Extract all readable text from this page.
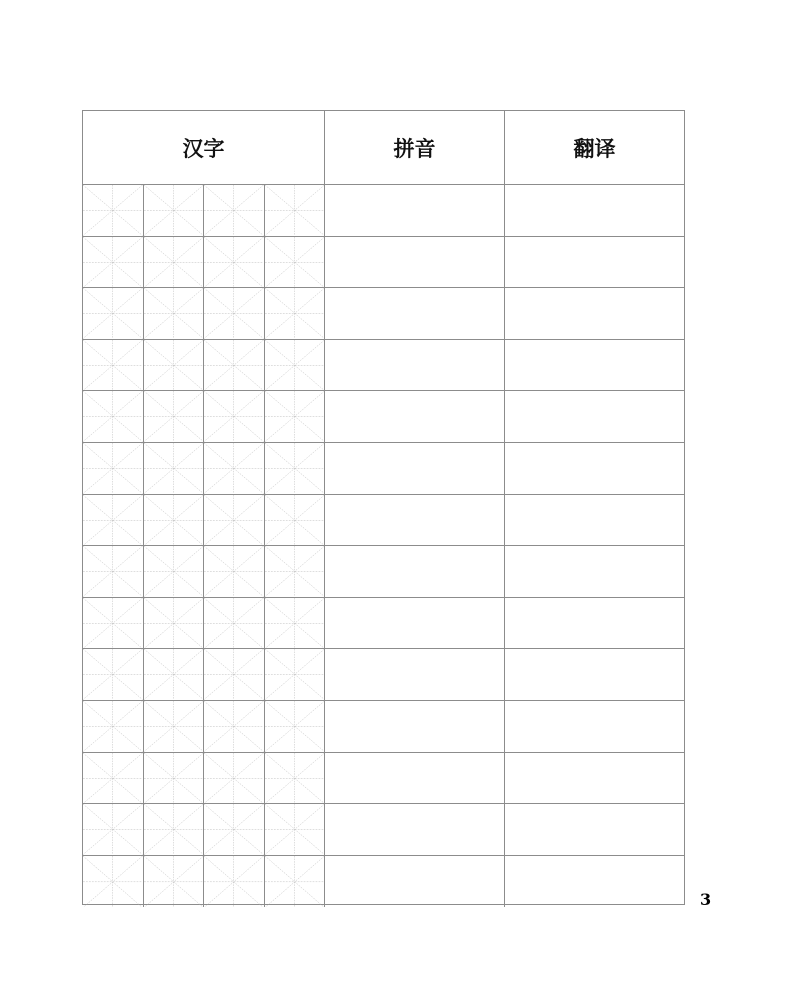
汉字	拼音	翻译
3
